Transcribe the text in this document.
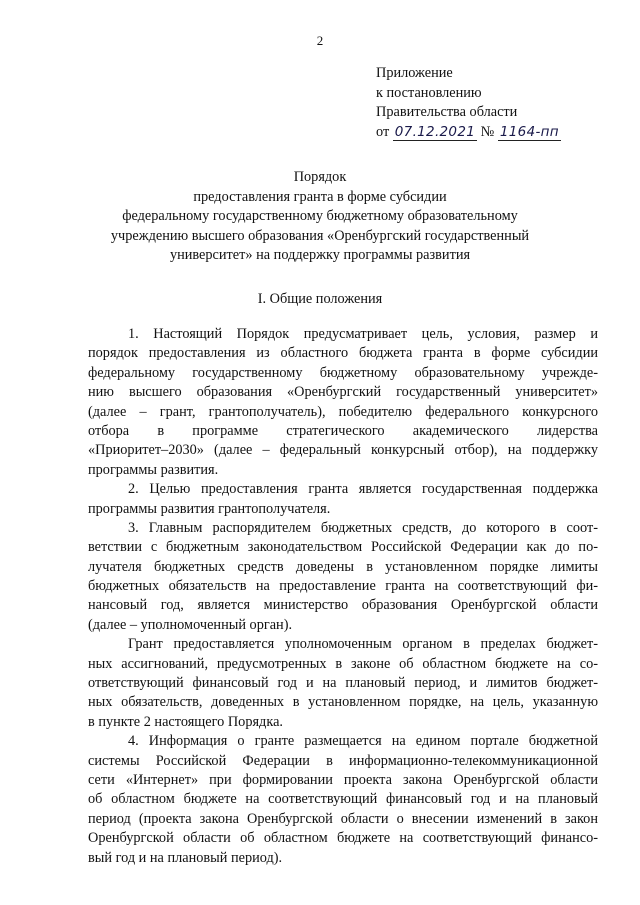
2
Приложение
к постановлению
Правительства области
от 07.12.2021 № 1164-пп
Порядок
предоставления гранта в форме субсидии
федеральному государственному бюджетному образовательному
учреждению высшего образования «Оренбургский государственный
университет» на поддержку программы развития
I. Общие положения
1. Настоящий Порядок предусматривает цель, условия, размер и
порядок предоставления из областного бюджета гранта в форме субсидии
федеральному государственному бюджетному образовательному учрежде-
нию высшего образования «Оренбургский государственный университет»
(далее – грант, грантополучатель), победителю федерального конкурсного
отбора в программе стратегического академического лидерства
«Приоритет–2030» (далее – федеральный конкурсный отбор), на поддержку
программы развития.
2. Целью предоставления гранта является государственная поддержка
программы развития грантополучателя.
3. Главным распорядителем бюджетных средств, до которого в соот-
ветствии с бюджетным законодательством Российской Федерации как до по-
лучателя бюджетных средств доведены в установленном порядке лимиты
бюджетных обязательств на предоставление гранта на соответствующий фи-
нансовый год, является министерство образования Оренбургской области
(далее – уполномоченный орган).
Грант предоставляется уполномоченным органом в пределах бюджет-
ных ассигнований, предусмотренных в законе об областном бюджете на со-
ответствующий финансовый год и на плановый период, и лимитов бюджет-
ных обязательств, доведенных в установленном порядке, на цель, указанную
в пункте 2 настоящего Порядка.
4. Информация о гранте размещается на едином портале бюджетной
системы Российской Федерации в информационно-телекоммуникационной
сети «Интернет» при формировании проекта закона Оренбургской области
об областном бюджете на соответствующий финансовый год и на плановый
период (проекта закона Оренбургской области о внесении изменений в закон
Оренбургской области об областном бюджете на соответствующий финансо-
вый год и на плановый период).
